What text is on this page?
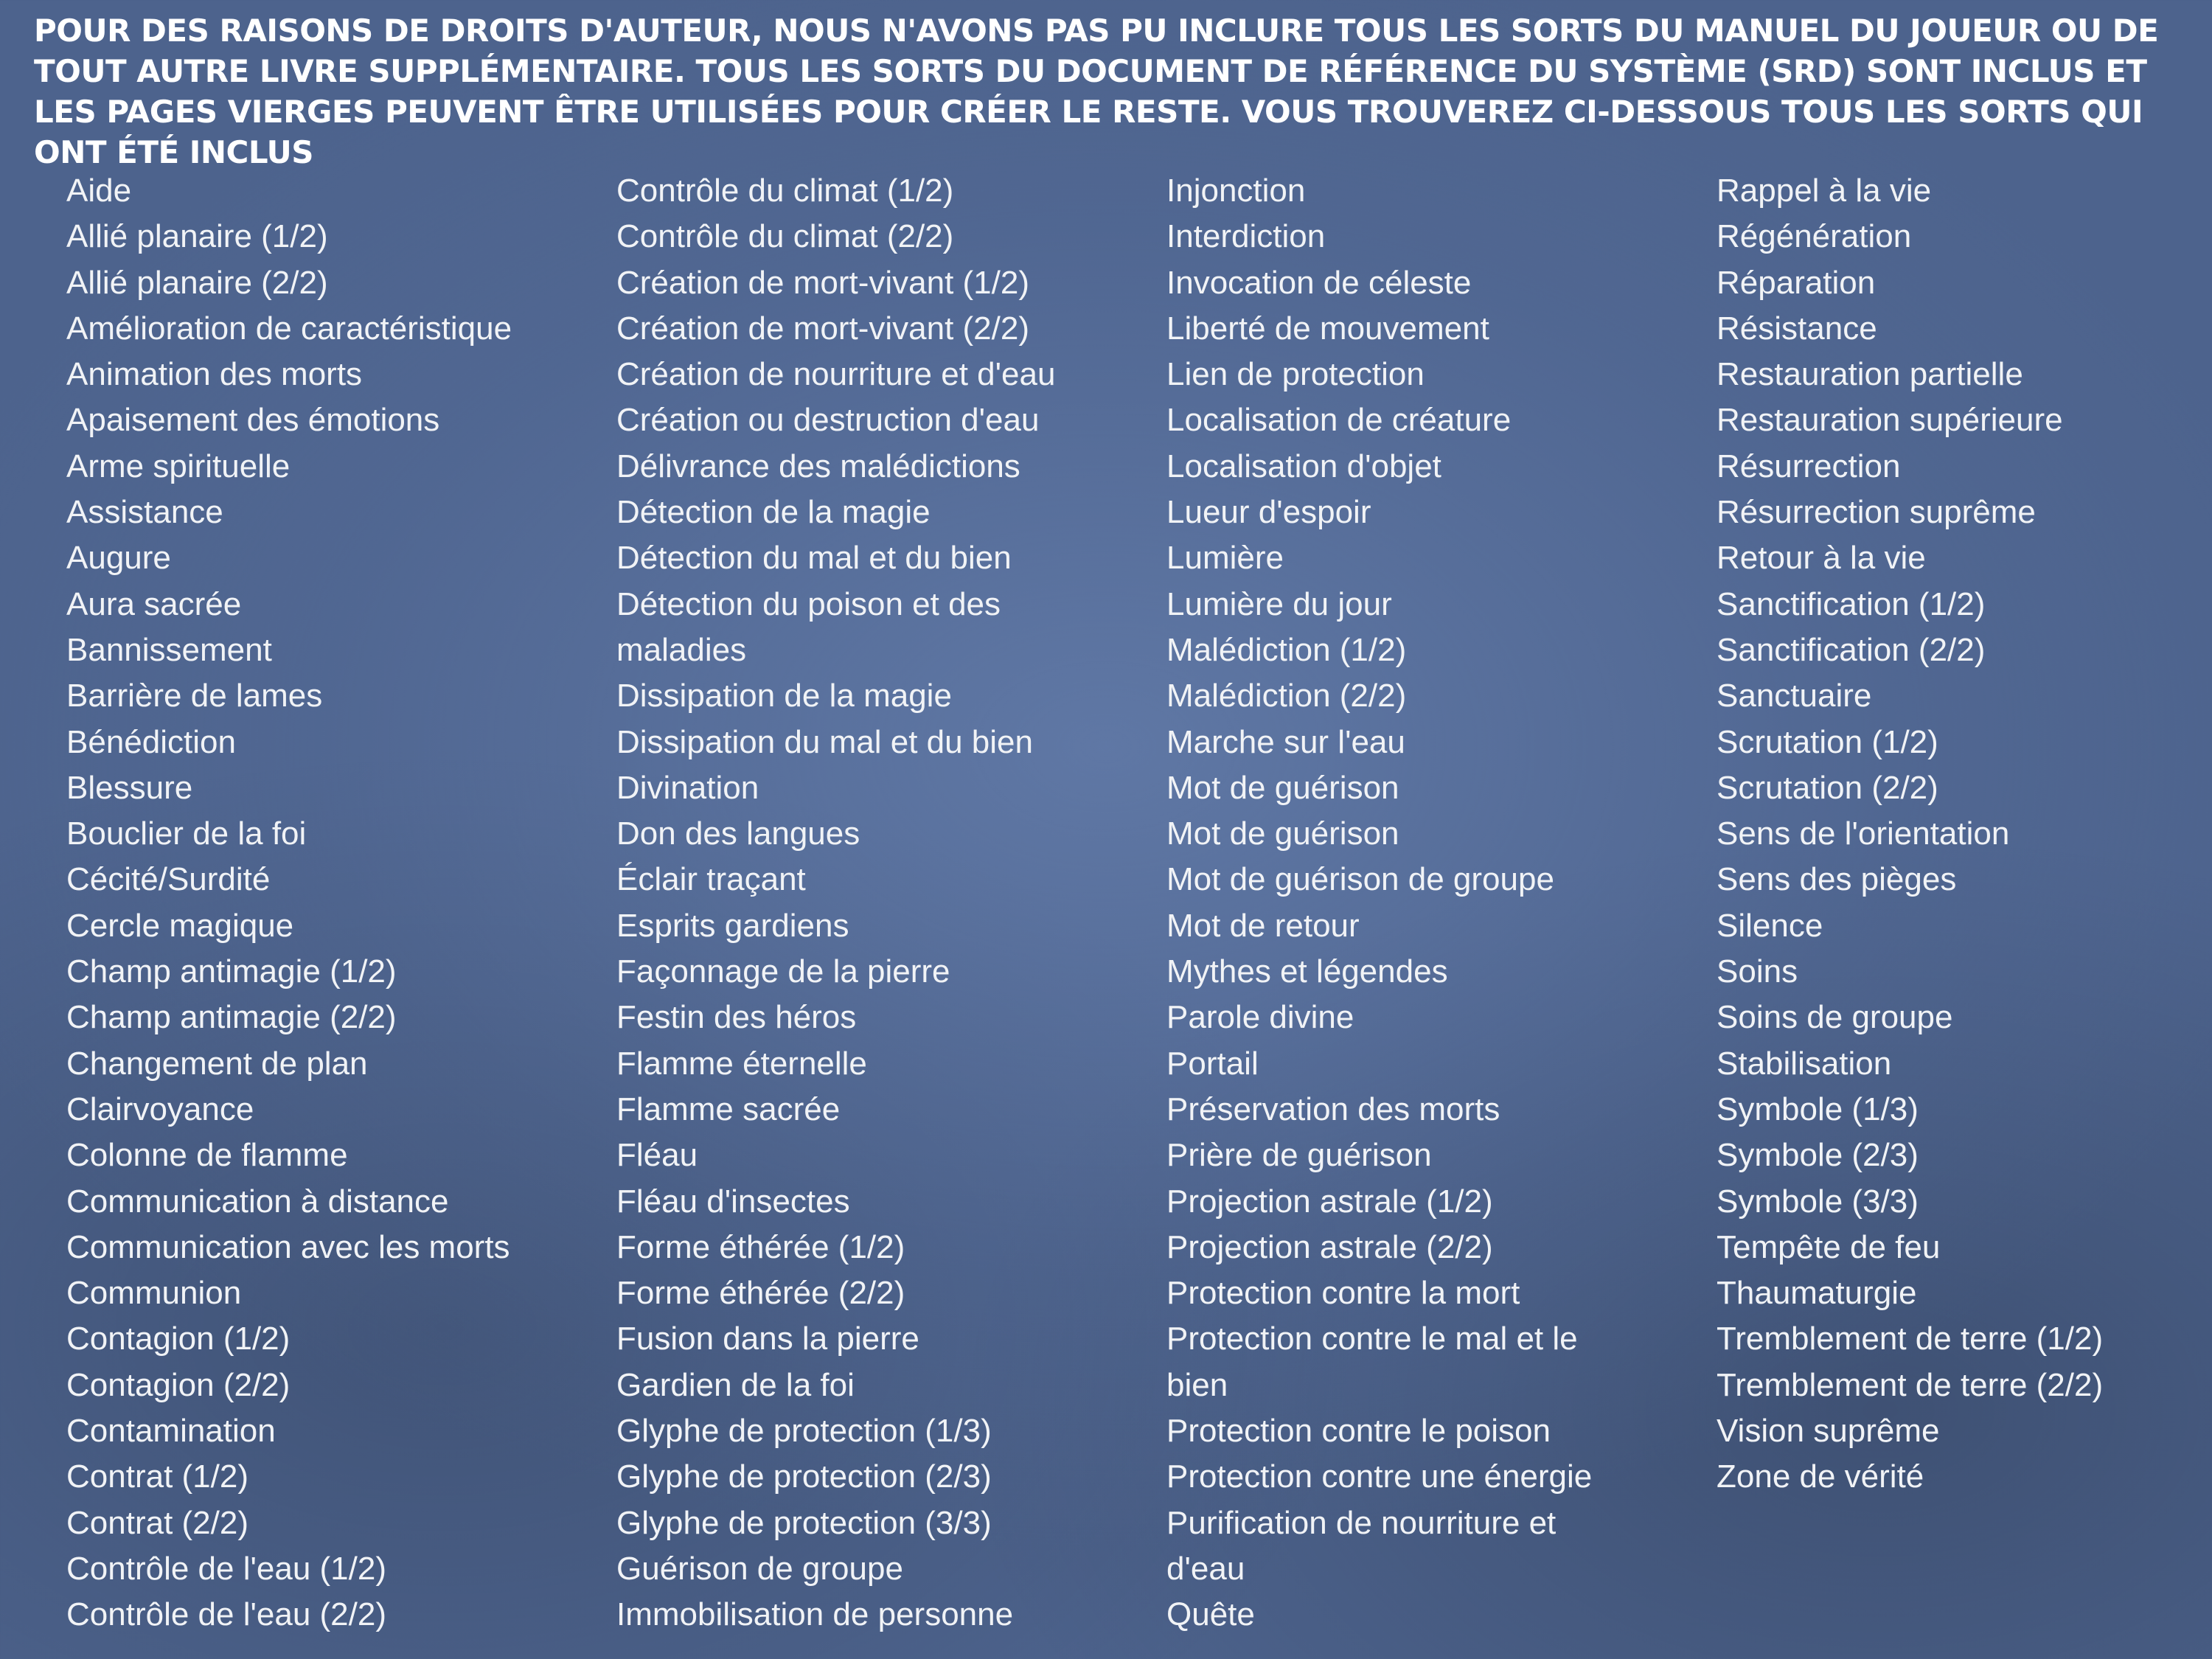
POUR DES RAISONS DE DROITS D'AUTEUR, NOUS N'AVONS PAS PU INCLURE TOUS LES SORTS DU MANUEL DU JOUEUR OU DE TOUT AUTRE LIVRE SUPPLÉMENTAIRE. TOUS LES SORTS DU DOCUMENT DE RÉFÉRENCE DU SYSTÈME (SRD) SONT INCLUS ET LES PAGES VIERGES PEUVENT ÊTRE UTILISÉES POUR CRÉER LE RESTE. VOUS TROUVEREZ CI-DESSOUS TOUS LES SORTS QUI ONT ÉTÉ INCLUS

Aide
Allié planaire (1/2)
Allié planaire (2/2)
Amélioration de caractéristique
Animation des morts
Apaisement des émotions
Arme spirituelle
Assistance
Augure
Aura sacrée
Bannissement
Barrière de lames
Bénédiction
Blessure
Bouclier de la foi
Cécité/Surdité
Cercle magique
Champ antimagie (1/2)
Champ antimagie (2/2)
Changement de plan
Clairvoyance
Colonne de flamme
Communication à distance
Communication avec les morts
Communion
Contagion (1/2)
Contagion (2/2)
Contamination
Contrat (1/2)
Contrat (2/2)
Contrôle de l'eau (1/2)
Contrôle de l'eau (2/2)
Contrôle du climat (1/2)
Contrôle du climat (2/2)
Création de mort-vivant (1/2)
Création de mort-vivant (2/2)
Création de nourriture et d'eau
Création ou destruction d'eau
Délivrance des malédictions
Détection de la magie
Détection du mal et du bien
Détection du poison et des
maladies
Dissipation de la magie
Dissipation du mal et du bien
Divination
Don des langues
Éclair traçant
Esprits gardiens
Façonnage de la pierre
Festin des héros
Flamme éternelle
Flamme sacrée
Fléau
Fléau d'insectes
Forme éthérée (1/2)
Forme éthérée (2/2)
Fusion dans la pierre
Gardien de la foi
Glyphe de protection (1/3)
Glyphe de protection (2/3)
Glyphe de protection (3/3)
Guérison de groupe
Immobilisation de personne
Injonction
Interdiction
Invocation de céleste
Liberté de mouvement
Lien de protection
Localisation de créature
Localisation d'objet
Lueur d'espoir
Lumière
Lumière du jour
Malédiction (1/2)
Malédiction (2/2)
Marche sur l'eau
Mot de guérison
Mot de guérison
Mot de guérison de groupe
Mot de retour
Mythes et légendes
Parole divine
Portail
Préservation des morts
Prière de guérison
Projection astrale (1/2)
Projection astrale (2/2)
Protection contre la mort
Protection contre le mal et le
bien
Protection contre le poison
Protection contre une énergie
Purification de nourriture et
d'eau
Quête
Rappel à la vie
Régénération
Réparation
Résistance
Restauration partielle
Restauration supérieure
Résurrection
Résurrection suprême
Retour à la vie
Sanctification (1/2)
Sanctification (2/2)
Sanctuaire
Scrutation (1/2)
Scrutation (2/2)
Sens de l'orientation
Sens des pièges
Silence
Soins
Soins de groupe
Stabilisation
Symbole (1/3)
Symbole (2/3)
Symbole (3/3)
Tempête de feu
Thaumaturgie
Tremblement de terre (1/2)
Tremblement de terre (2/2)
Vision suprême
Zone de vérité
